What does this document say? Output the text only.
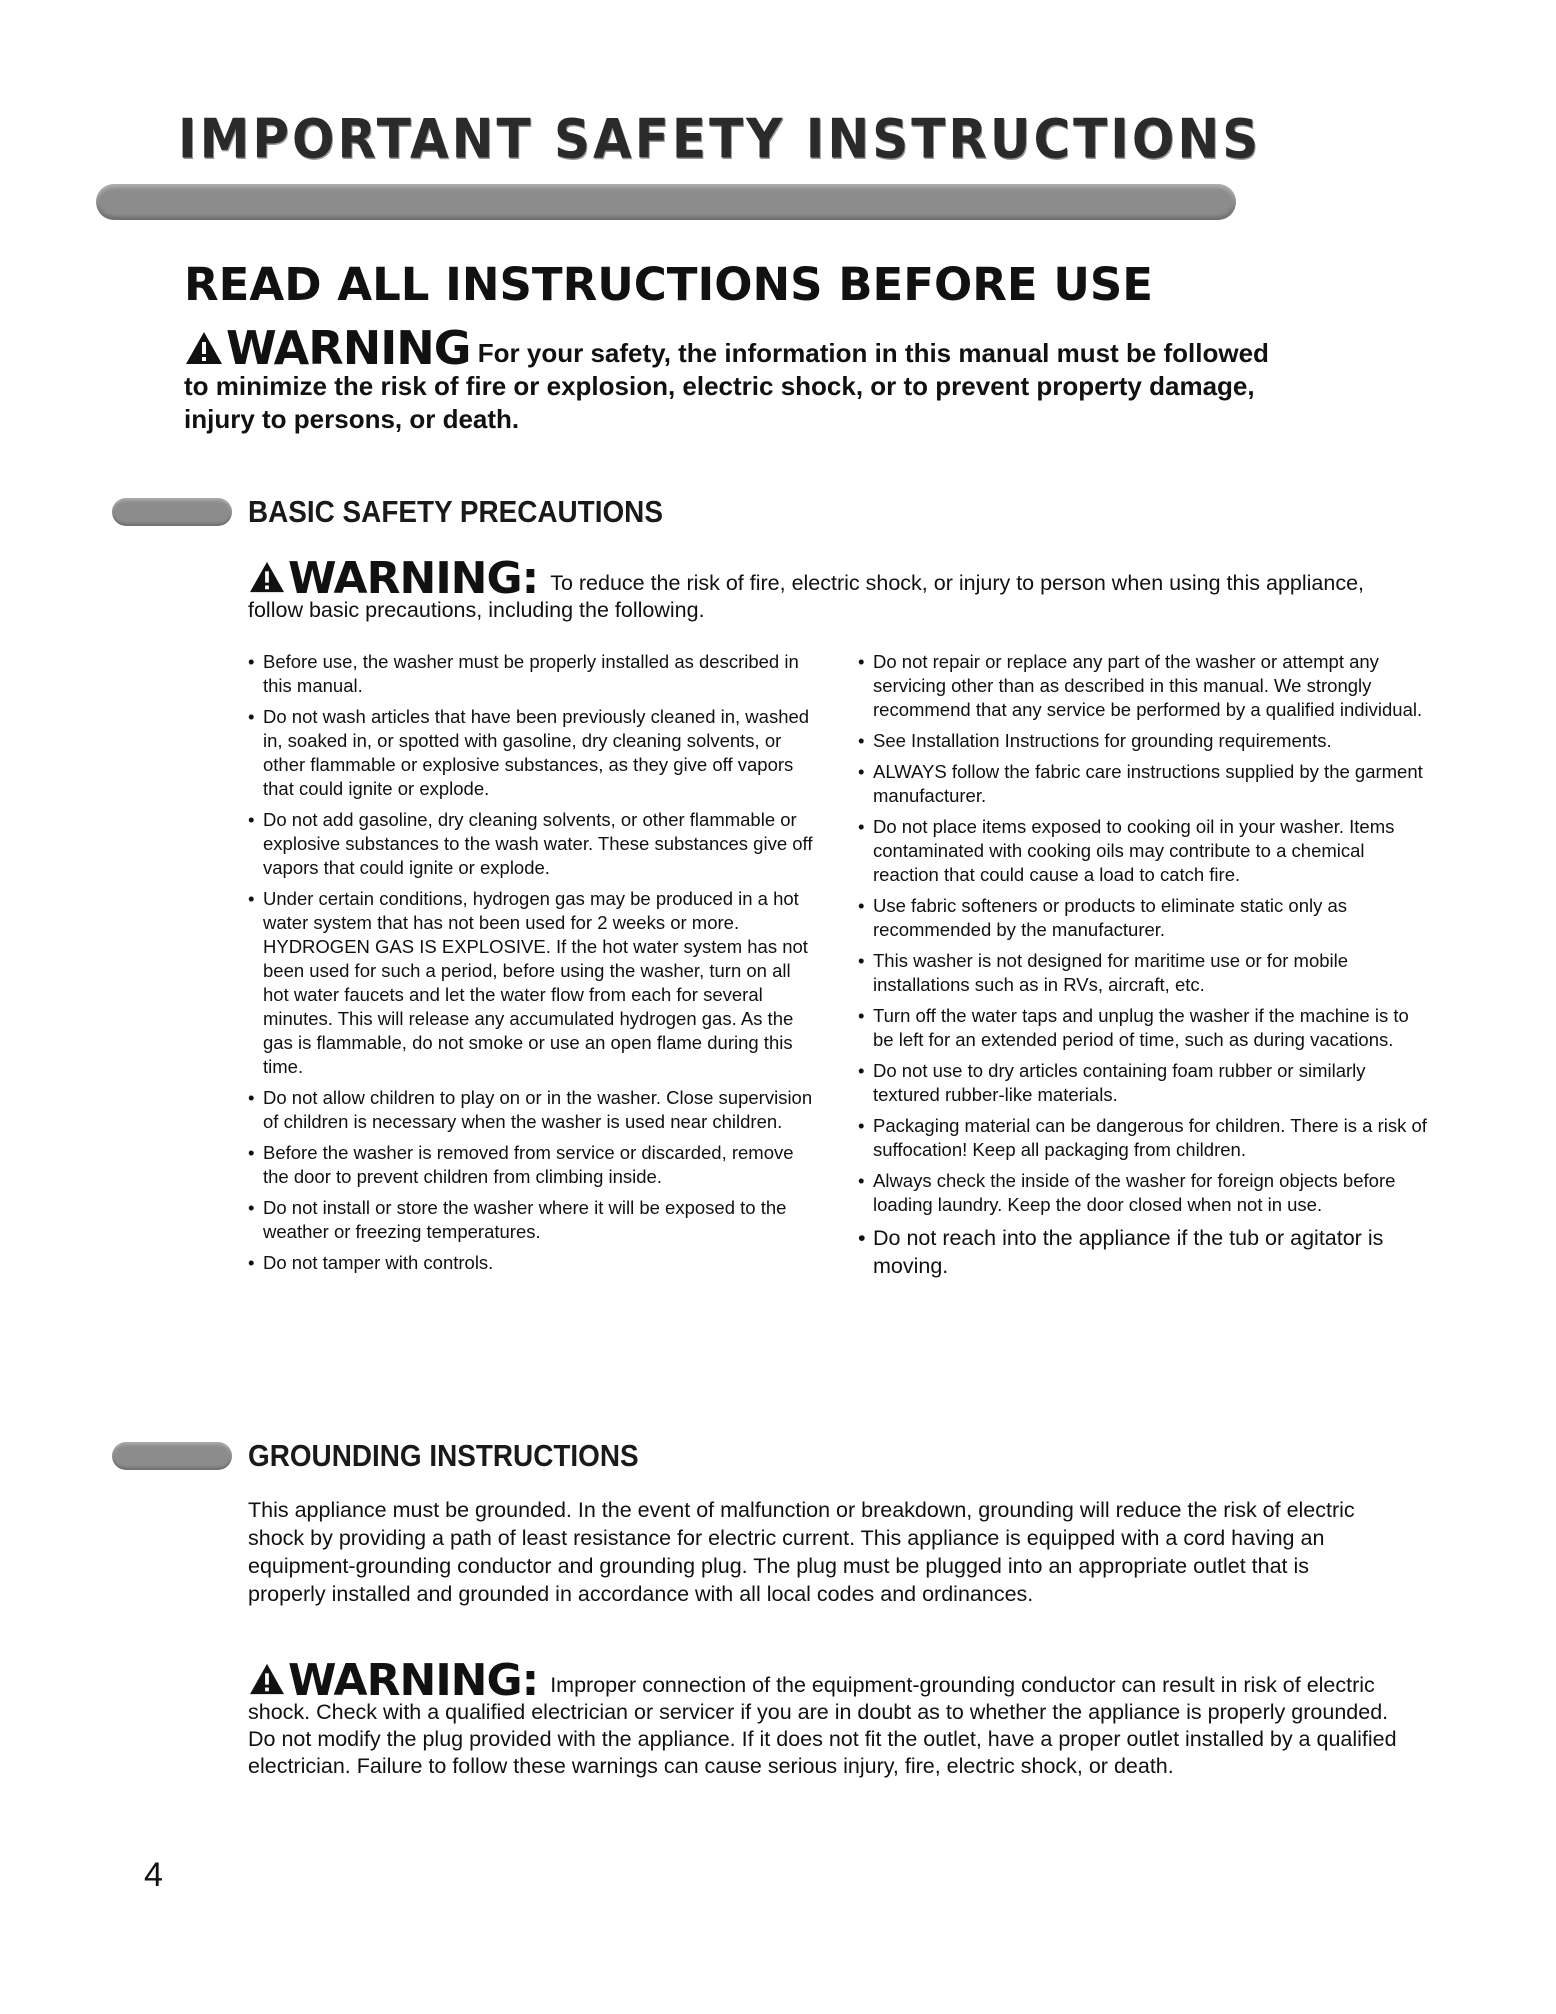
IMPORTANT SAFETY INSTRUCTIONS
READ ALL INSTRUCTIONS BEFORE USE
WARNING For your safety, the information in this manual must be followed to minimize the risk of fire or explosion, electric shock, or to prevent property damage, injury to persons, or death.
BASIC SAFETY PRECAUTIONS
WARNING: To reduce the risk of fire, electric shock, or injury to person when using this appliance, follow basic precautions, including the following.
• Before use, the washer must be properly installed as described in this manual.
• Do not wash articles that have been previously cleaned in, washed in, soaked in, or spotted with gasoline, dry cleaning solvents, or other flammable or explosive substances, as they give off vapors that could ignite or explode.
• Do not add gasoline, dry cleaning solvents, or other flammable or explosive substances to the wash water. These substances give off vapors that could ignite or explode.
• Under certain conditions, hydrogen gas may be produced in a hot water system that has not been used for 2 weeks or more. HYDROGEN GAS IS EXPLOSIVE. If the hot water system has not been used for such a period, before using the washer, turn on all hot water faucets and let the water flow from each for several minutes. This will release any accumulated hydrogen gas. As the gas is flammable, do not smoke or use an open flame during this time.
• Do not allow children to play on or in the washer. Close supervision of children is necessary when the washer is used near children.
• Before the washer is removed from service or discarded, remove the door to prevent children from climbing inside.
• Do not install or store the washer where it will be exposed to the weather or freezing temperatures.
• Do not tamper with controls.
• Do not repair or replace any part of the washer or attempt any servicing other than as described in this manual. We strongly recommend that any service be performed by a qualified individual.
• See Installation Instructions for grounding requirements.
• ALWAYS follow the fabric care instructions supplied by the garment manufacturer.
• Do not place items exposed to cooking oil in your washer. Items contaminated with cooking oils may contribute to a chemical reaction that could cause a load to catch fire.
• Use fabric softeners or products to eliminate static only as recommended by the manufacturer.
• This washer is not designed for maritime use or for mobile installations such as in RVs, aircraft, etc.
• Turn off the water taps and unplug the washer if the machine is to be left for an extended period of time, such as during vacations.
• Do not use to dry articles containing foam rubber or similarly textured rubber-like materials.
• Packaging material can be dangerous for children. There is a risk of suffocation! Keep all packaging from children.
• Always check the inside of the washer for foreign objects before loading laundry. Keep the door closed when not in use.
• Do not reach into the appliance if the tub or agitator is moving.
GROUNDING INSTRUCTIONS
This appliance must be grounded. In the event of malfunction or breakdown, grounding will reduce the risk of electric shock by providing a path of least resistance for electric current. This appliance is equipped with a cord having an equipment-grounding conductor and grounding plug. The plug must be plugged into an appropriate outlet that is properly installed and grounded in accordance with all local codes and ordinances.
WARNING: Improper connection of the equipment-grounding conductor can result in risk of electric shock. Check with a qualified electrician or servicer if you are in doubt as to whether the appliance is properly grounded. Do not modify the plug provided with the appliance. If it does not fit the outlet, have a proper outlet installed by a qualified electrician. Failure to follow these warnings can cause serious injury, fire, electric shock, or death.
4
